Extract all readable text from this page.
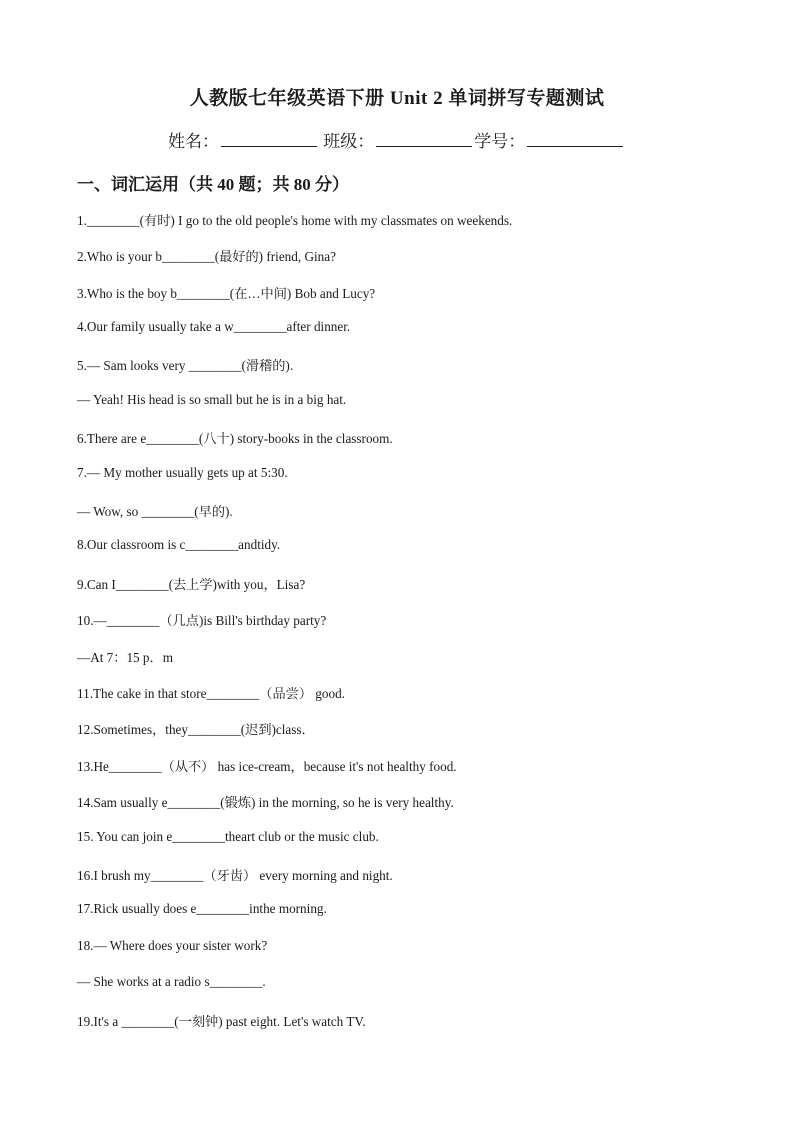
人教版七年级英语下册 Unit 2 单词拼写专题测试
姓名：	班级：	学号：
一、词汇运用（共 40 题；共 80 分）
1.________(有时) I go to the old people's home with my classmates on weekends.
2.Who is your b________(最好的) friend, Gina?
3.Who is the boy b________(在…中间) Bob and Lucy?
4.Our family usually take a w________after dinner.
5.— Sam looks very ________(滑稽的).
— Yeah! His head is so small but he is in a big hat.
6.There are e________(八十) story-books in the classroom.
7.— My mother usually gets up at 5:30.
— Wow, so ________(早的).
8.Our classroom is c________andtidy.
9.Can I________(去上学)with you，Lisa?
10.—________（几点)is Bill's birthday party?
—At 7：15 p．m
11.The cake in that store________（品尝） good.
12.Sometimes，they________(迟到)class．
13.He________（从不） has ice-cream，because it's not healthy food.
14.Sam usually e________(锻炼) in the morning, so he is very healthy.
15. You can join e________theart club or the music club.
16.I brush my________（牙齿） every morning and night.
17.Rick usually does e________inthe morning.
18.— Where does your sister work?
— She works at a radio s________.
19.It's a ________(一刻钟) past eight. Let's watch TV.
